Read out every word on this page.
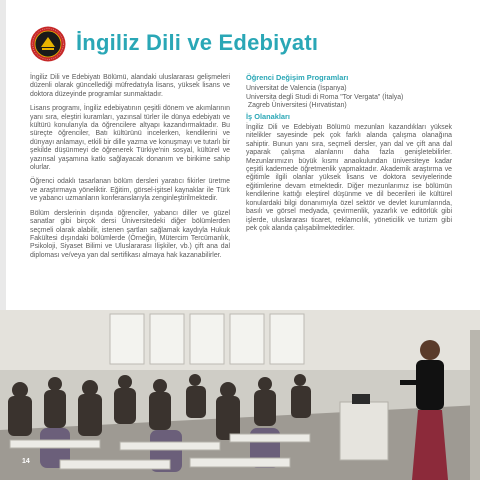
İngiliz Dili ve Edebiyatı

İngiliz Dili ve Edebiyatı Bölümü, alandaki uluslararası gelişmeleri düzenli olarak güncellediği müfredatıyla lisans, yüksek lisans ve doktora düzeyinde programlar sunmaktadır.

Lisans programı, İngiliz edebiyatının çeşitli dönem ve akımlarının yanı sıra, eleştiri kuramları, yazınsal türler ile dünya edebiyatı ve kültürü konularıyla da öğrencilere altyapı kazandırmaktadır. Bu süreçte öğrenciler, Batı kültürünü incelerken, kendilerini ve dünyayı anlamayı, etkili bir dille yazma ve konuşmayı ve tutarlı bir şekilde düşünmeyi de öğrenerek Türkiye'nin sosyal, kültürel ve yazınsal yaşamına katkı sağlayacak donanım ve birikime sahip olurlar.

Öğrenci odaklı tasarlanan bölüm dersleri yaratıcı fikirler üretme ve araştırmaya yöneliktir. Eğitim, görsel-işitsel kaynaklar ile Türk ve yabancı uzmanların konferanslarıyla zenginleştirilmektedir.

Bölüm derslerinin dışında öğrenciler, yabancı diller ve güzel sanatlar gibi birçok dersi Üniversitedeki diğer bölümlerden seçmeli olarak alabilir, istenen şartları sağlamak kaydıyla Hukuk Fakültesi dışındaki bölümlerde (Örneğin, Mütercim Tercümanlık, Psikoloji, Siyaset Bilimi ve Uluslararası İlişkiler, vb.) çift ana dal diploması ve/veya yan dal sertifikası almaya hak kazanabilirler.

Öğrenci Değişim Programları
Universitat de Valencia (İspanya)
Universita degli Studi di Roma "Tor Vergata" (İtalya)
Zagreb Üniversitesi (Hırvatistan)
İş Olanakları

İngiliz Dili ve Edebiyatı Bölümü mezunları kazandıkları yüksek nitelikler sayesinde pek çok farklı alanda çalışma olanağına sahiptir. Bunun yanı sıra, seçmeli dersler, yan dal ve çift ana dal yaparak çalışma alanlarını daha fazla genişletebilirler. Mezunlarımızın büyük kısmı anaokulundan üniversiteye kadar çeşitli kademede öğretmenlik yapmaktadır. Akademik araştırma ve eğitimle ilgili olanlar yüksek lisans ve doktora seviyelerinde eğitimlerine devam etmektedir. Diğer mezunlarımız ise bölümün kendilerine kattığı eleştirel düşünme ve dil becerileri ile kültürel konulardaki bilgi donanımıyla özel sektör ve devlet kurumlarında, basılı ve görsel medyada, çevirmenlik, yazarlık ve editörlük gibi işlerde, uluslararası ticaret, reklamcılık, yöneticilik ve turizm gibi pek çok alanda çalışabilmektedirler.

14
